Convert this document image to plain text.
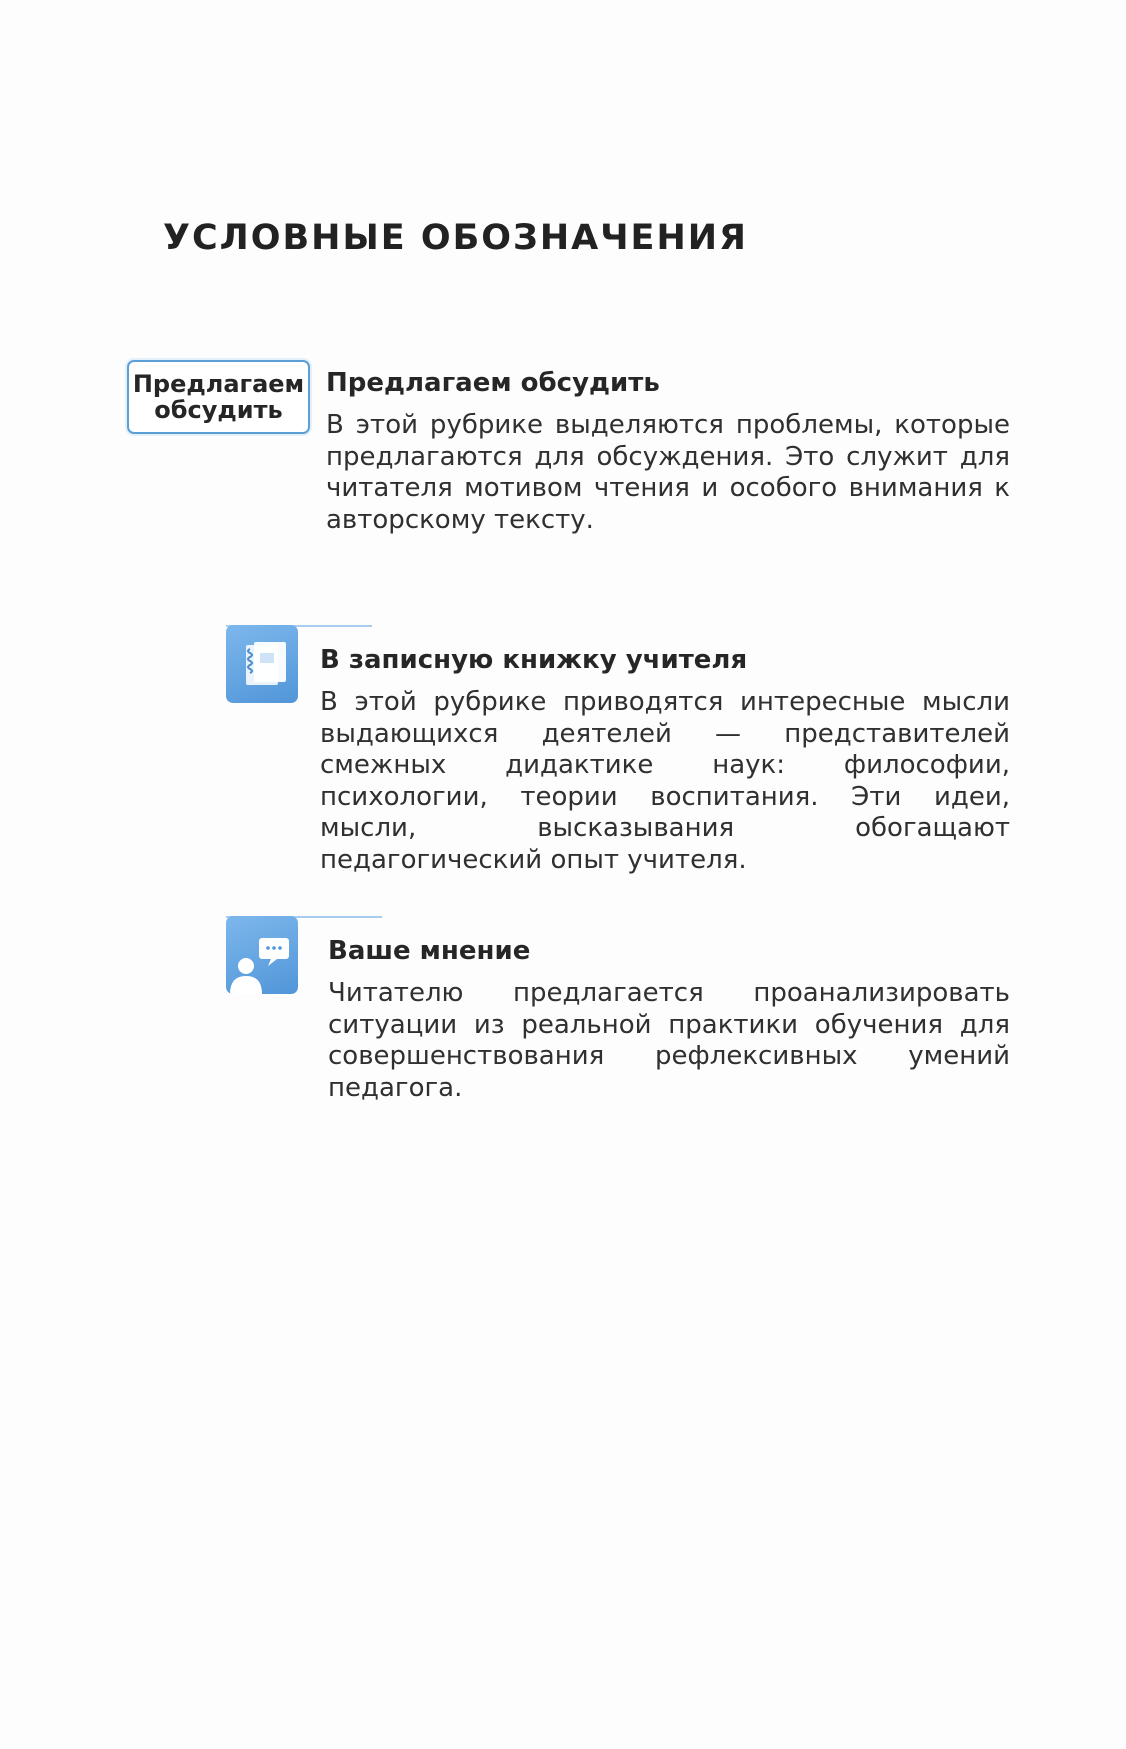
УСЛОВНЫЕ ОБОЗНАЧЕНИЯ
Предлагаем
обсудить
Предлагаем обсудить

В этой рубрике выделяются проблемы, которые предлагаются для обсуждения. Это служит для читателя мотивом чтения и особого внимания к авторскому тексту.

В записную книжку учителя

В этой рубрике приводятся интересные мысли выдающихся деятелей — представителей смежных дидактике наук: философии, психологии, теории воспитания. Эти идеи, мысли, высказывания обогащают педагогический опыт учителя.

Ваше мнение

Читателю предлагается проанализировать ситуации из реальной практики обучения для совершенствования рефлексивных умений педагога.
